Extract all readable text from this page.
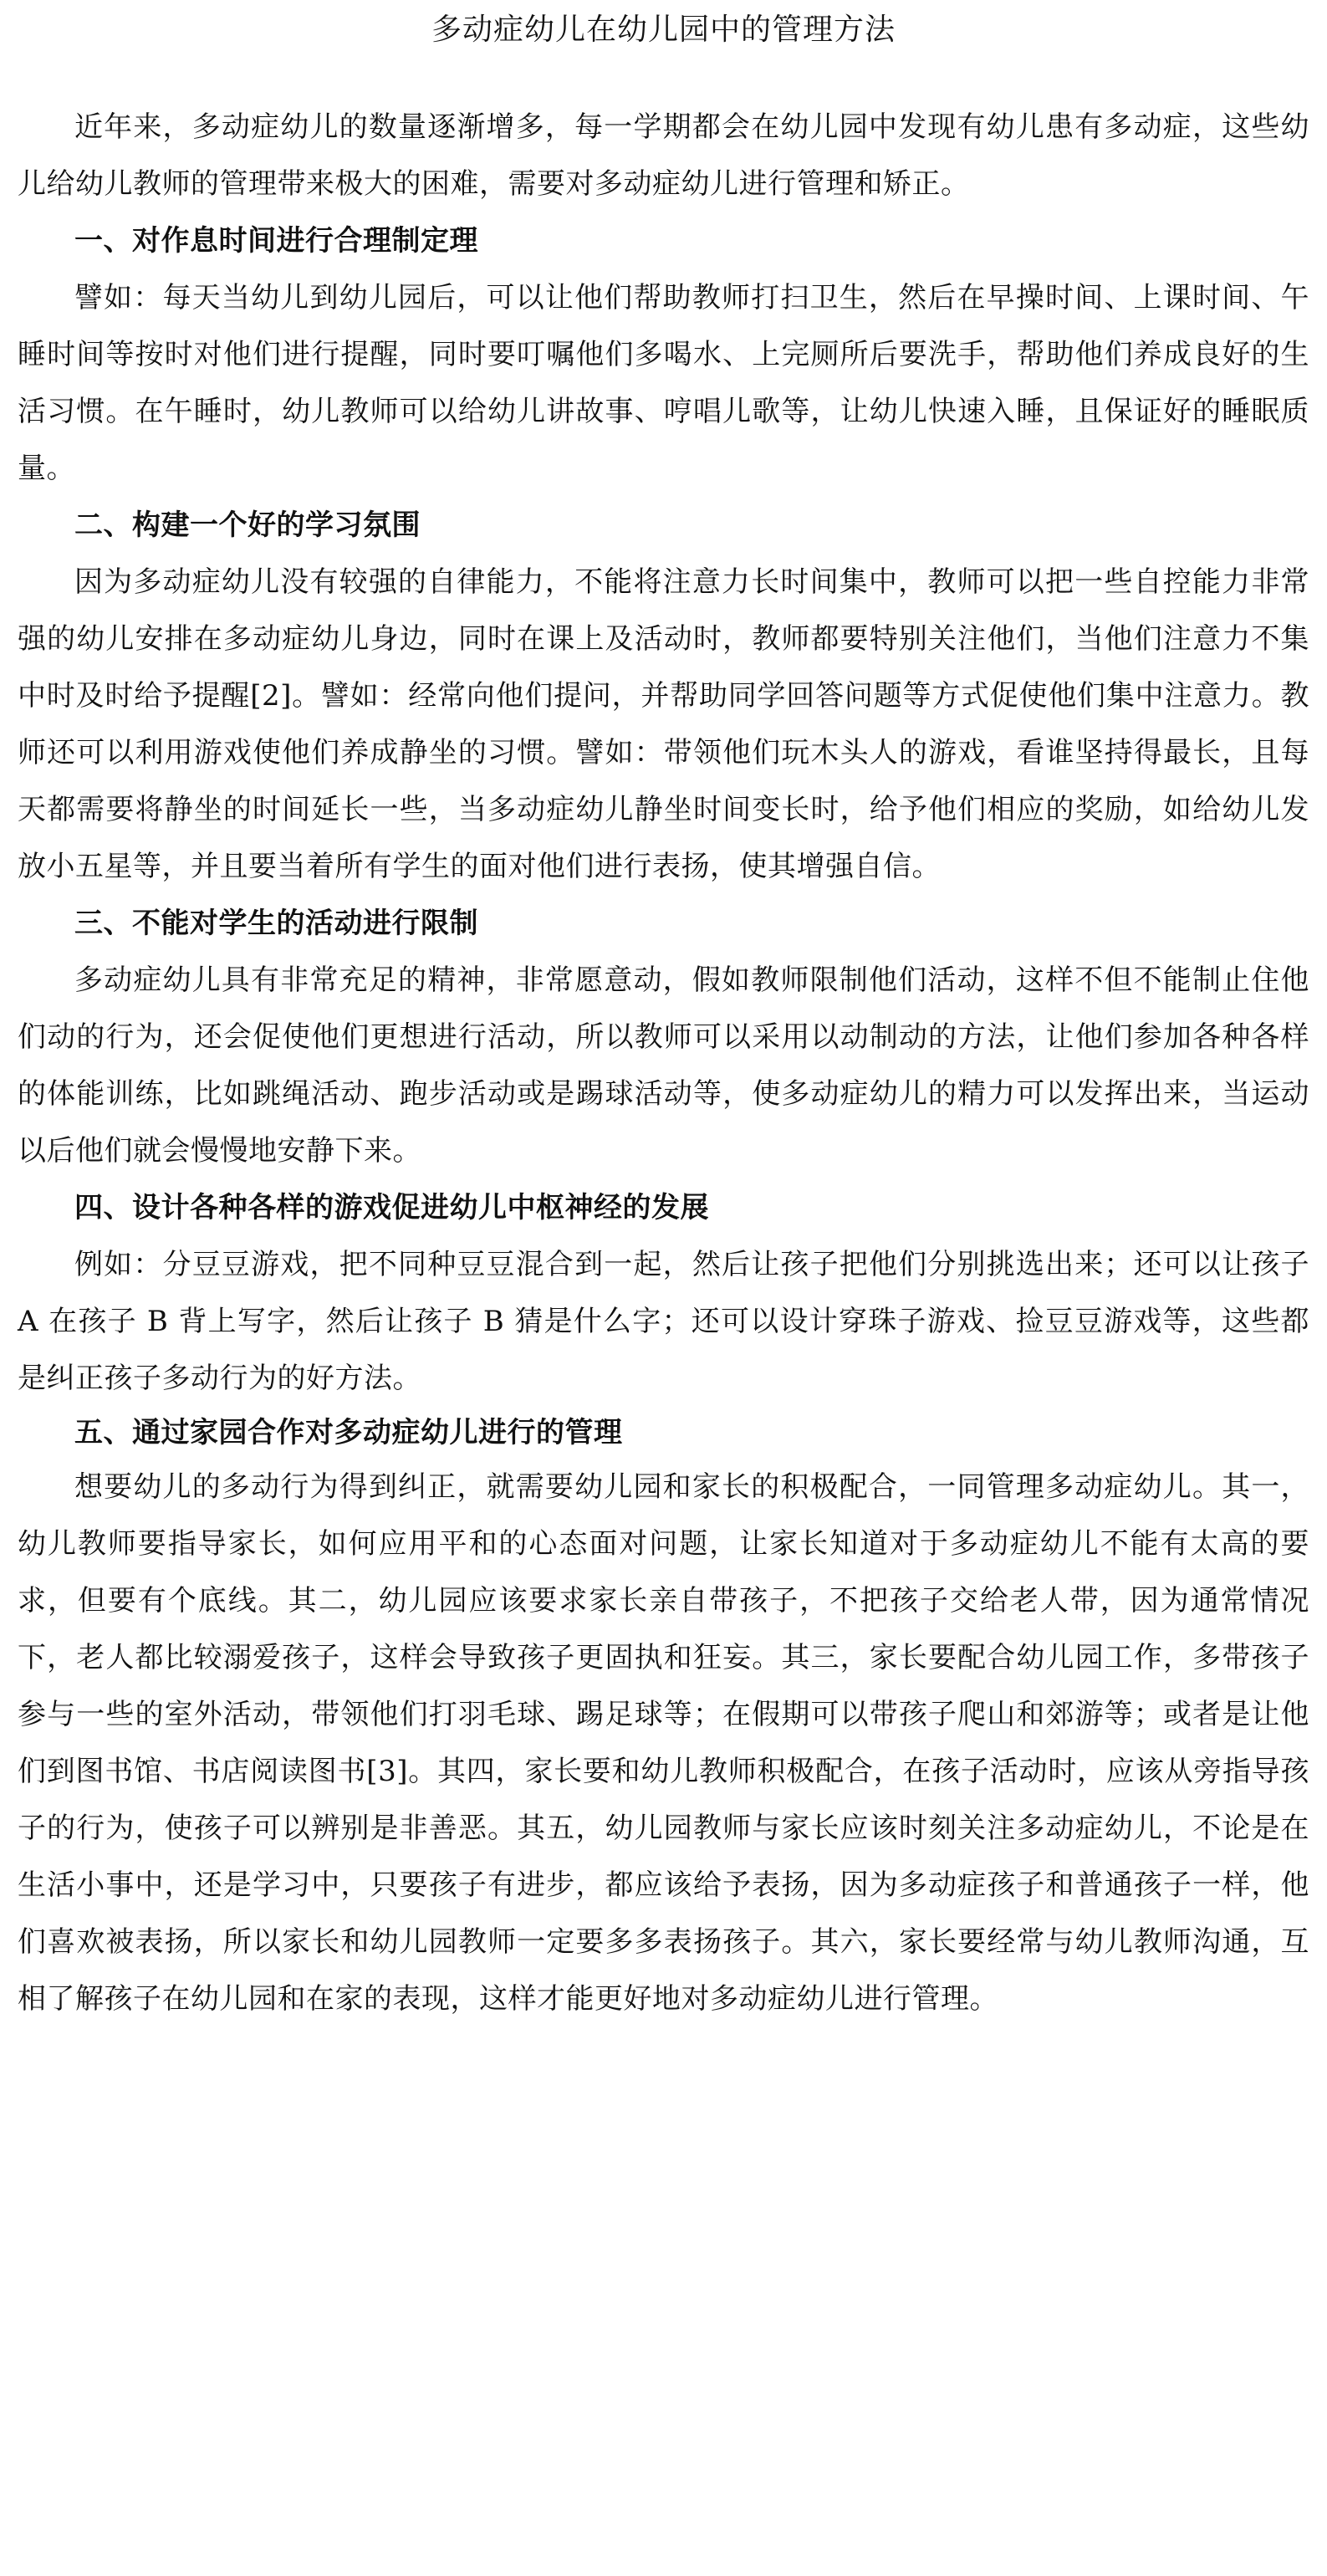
多动症幼儿在幼儿园中的管理方法

近年来，多动症幼儿的数量逐渐增多，每一学期都会在幼儿园中发现有幼儿患有多动症，这些幼儿给幼儿教师的管理带来极大的困难，需要对多动症幼儿进行管理和矫正。

一、对作息时间进行合理制定理

譬如：每天当幼儿到幼儿园后，可以让他们帮助教师打扫卫生，然后在早操时间、上课时间、午睡时间等按时对他们进行提醒，同时要叮嘱他们多喝水、上完厕所后要洗手，帮助他们养成良好的生活习惯。在午睡时，幼儿教师可以给幼儿讲故事、哼唱儿歌等，让幼儿快速入睡，且保证好的睡眠质量。

二、构建一个好的学习氛围

因为多动症幼儿没有较强的自律能力，不能将注意力长时间集中，教师可以把一些自控能力非常强的幼儿安排在多动症幼儿身边，同时在课上及活动时，教师都要特别关注他们，当他们注意力不集中时及时给予提醒[2]。譬如：经常向他们提问，并帮助同学回答问题等方式促使他们集中注意力。教师还可以利用游戏使他们养成静坐的习惯。譬如：带领他们玩木头人的游戏，看谁坚持得最长，且每天都需要将静坐的时间延长一些，当多动症幼儿静坐时间变长时，给予他们相应的奖励，如给幼儿发放小五星等，并且要当着所有学生的面对他们进行表扬，使其增强自信。

三、不能对学生的活动进行限制

多动症幼儿具有非常充足的精神，非常愿意动，假如教师限制他们活动，这样不但不能制止住他们动的行为，还会促使他们更想进行活动，所以教师可以采用以动制动的方法，让他们参加各种各样的体能训练，比如跳绳活动、跑步活动或是踢球活动等，使多动症幼儿的精力可以发挥出来，当运动以后他们就会慢慢地安静下来。

四、设计各种各样的游戏促进幼儿中枢神经的发展

例如：分豆豆游戏，把不同种豆豆混合到一起，然后让孩子把他们分别挑选出来；还可以让孩子 A 在孩子 B 背上写字，然后让孩子 B 猜是什么字；还可以设计穿珠子游戏、捡豆豆游戏等，这些都是纠正孩子多动行为的好方法。

五、通过家园合作对多动症幼儿进行的管理

想要幼儿的多动行为得到纠正，就需要幼儿园和家长的积极配合，一同管理多动症幼儿。其一，幼儿教师要指导家长，如何应用平和的心态面对问题，让家长知道对于多动症幼儿不能有太高的要求，但要有个底线。其二，幼儿园应该要求家长亲自带孩子，不把孩子交给老人带，因为通常情况下，老人都比较溺爱孩子，这样会导致孩子更固执和狂妄。其三，家长要配合幼儿园工作，多带孩子参与一些的室外活动，带领他们打羽毛球、踢足球等；在假期可以带孩子爬山和郊游等；或者是让他们到图书馆、书店阅读图书[3]。其四，家长要和幼儿教师积极配合，在孩子活动时，应该从旁指导孩子的行为，使孩子可以辨别是非善恶。其五，幼儿园教师与家长应该时刻关注多动症幼儿，不论是在生活小事中，还是学习中，只要孩子有进步，都应该给予表扬，因为多动症孩子和普通孩子一样，他们喜欢被表扬，所以家长和幼儿园教师一定要多多表扬孩子。其六，家长要经常与幼儿教师沟通，互相了解孩子在幼儿园和在家的表现，这样才能更好地对多动症幼儿进行管理。
